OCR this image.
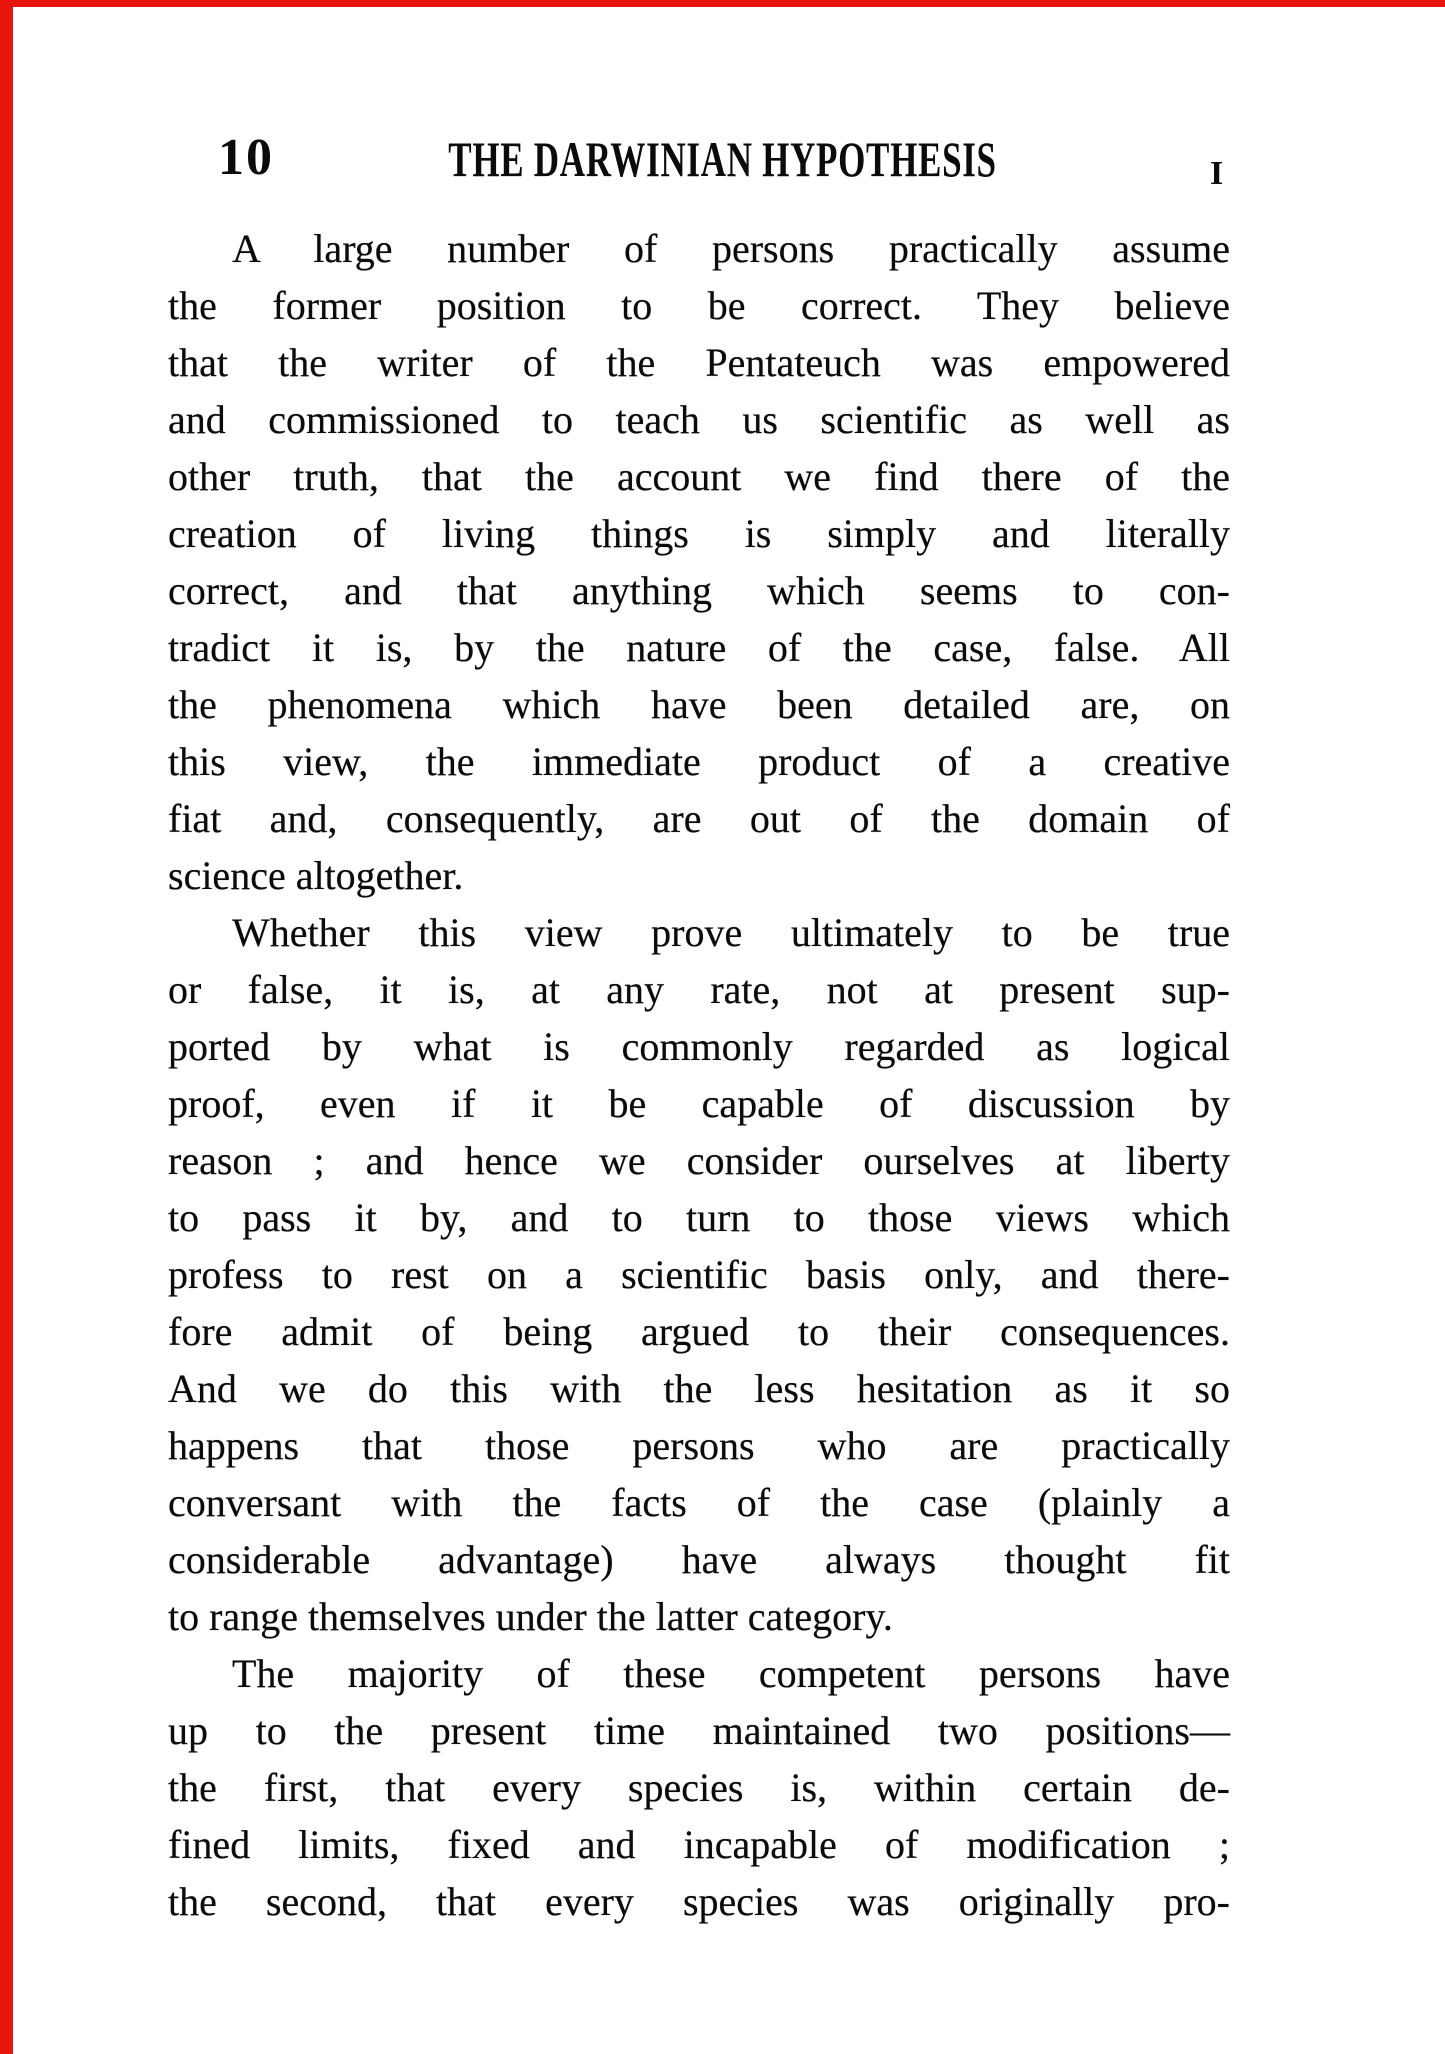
10	THE DARWINIAN HYPOTHESIS	I
A large number of persons practically assume
the former position to be correct. They believe
that the writer of the Pentateuch was empowered
and commissioned to teach us scientific as well as
other truth, that the account we find there of the
creation of living things is simply and literally
correct, and that anything which seems to con-
tradict it is, by the nature of the case, false. All
the phenomena which have been detailed are, on
this view, the immediate product of a creative
fiat and, consequently, are out of the domain of
science altogether.
Whether this view prove ultimately to be true
or false, it is, at any rate, not at present sup-
ported by what is commonly regarded as logical
proof, even if it be capable of discussion by
reason ; and hence we consider ourselves at liberty
to pass it by, and to turn to those views which
profess to rest on a scientific basis only, and there-
fore admit of being argued to their consequences.
And we do this with the less hesitation as it so
happens that those persons who are practically
conversant with the facts of the case (plainly a
considerable advantage) have always thought fit
to range themselves under the latter category.
The majority of these competent persons have
up to the present time maintained two positions—
the first, that every species is, within certain de-
fined limits, fixed and incapable of modification ;
the second, that every species was originally pro-
